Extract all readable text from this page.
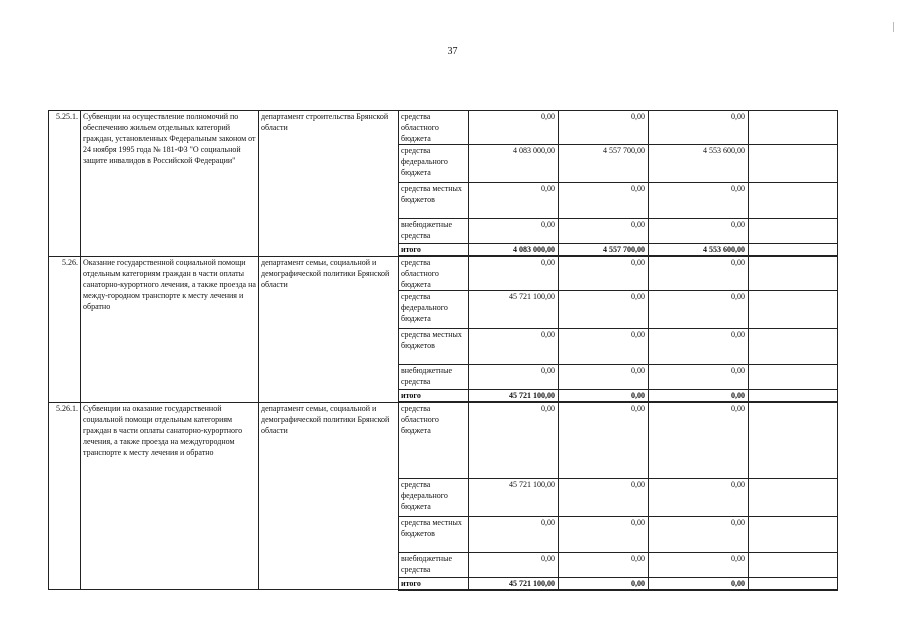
37
5.25.1.	Субвенции на осуществление полномочий по обеспечению жильем отдельных категорий граждан, установленных Федеральным законом от 24 ноября 1995 года № 181-ФЗ "О социальной защите инвалидов в Российской Федерации"	департамент строительства Брянской области	средства областного бюджета	0,00	0,00	0,00	
			средства федерального бюджета	4 083 000,00	4 557 700,00	4 553 600,00	
			средства местных бюджетов	0,00	0,00	0,00	
			внебюджетные средства	0,00	0,00	0,00	
			итого	4 083 000,00	4 557 700,00	4 553 600,00	
5.26.	Оказание государственной социальной помощи отдельным категориям граждан в части оплаты санаторно-курортного лечения, а также проезда на между-городном транспорте к месту лечения и обратно	департамент семьи, социальной и демографической политики Брянской области	средства областного бюджета	0,00	0,00	0,00	
			средства федерального бюджета	45 721 100,00	0,00	0,00	
			средства местных бюджетов	0,00	0,00	0,00	
			внебюджетные средства	0,00	0,00	0,00	
			итого	45 721 100,00	0,00	0,00	
5.26.1.	Субвенции на оказание государственной социальной помощи отдельным категориям граждан в части оплаты санаторно-курортного лечения, а также проезда на междугородном транспорте к месту лечения и обратно	департамент семьи, социальной и демографической политики Брянской области	средства областного бюджета	0,00	0,00	0,00	
			средства федерального бюджета	45 721 100,00	0,00	0,00	
			средства местных бюджетов	0,00	0,00	0,00	
			внебюджетные средства	0,00	0,00	0,00	
			итого	45 721 100,00	0,00	0,00	
